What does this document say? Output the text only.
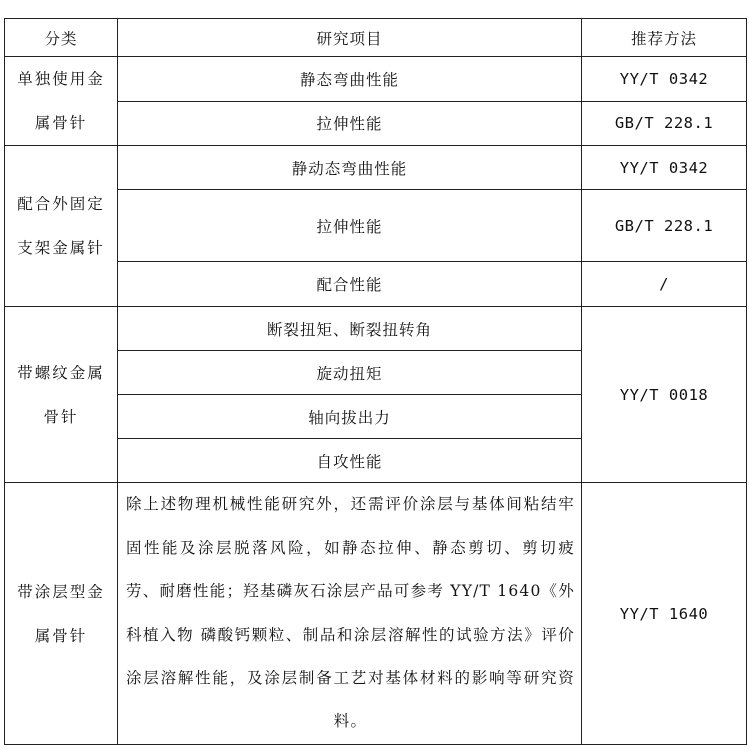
分类	研究项目	推荐方法

单独使用金
属骨针	静态弯曲性能	YY/T 0342
	拉伸性能	GB/T 228.1

配合外固定
支架金属针	静动态弯曲性能	YY/T 0342
	拉伸性能	GB/T 228.1
	配合性能	/

带螺纹金属
骨针	断裂扭矩、断裂扭转角	YY/T 0018
	旋动扭矩	
	轴向拔出力	
	自攻性能	

带涂层型金
属骨针	除上述物理机械性能研究外，还需评价涂层与基体间粘结牢固性能及涂层脱落风险，如静态拉伸、静态剪切、剪切疲劳、耐磨性能；羟基磷灰石涂层产品可参考 YY/T 1640《外科植入物 磷酸钙颗粒、制品和涂层溶解性的试验方法》评价涂层溶解性能，及涂层制备工艺对基体材料的影响等研究资料。	YY/T 1640
